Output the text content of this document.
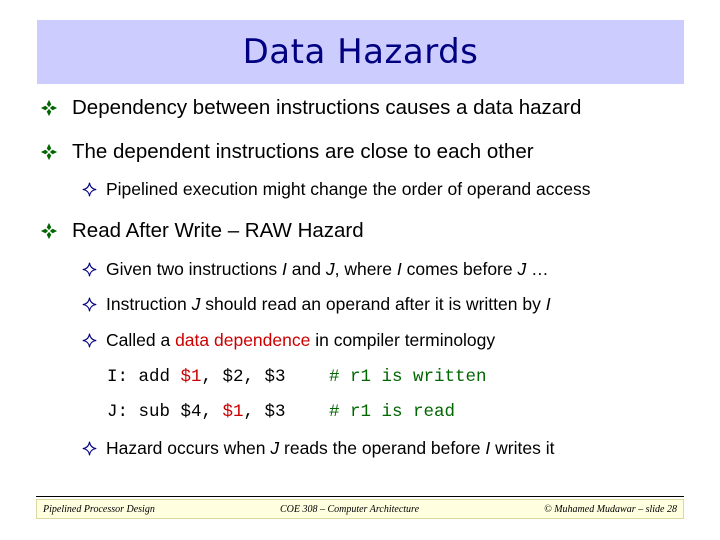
Data Hazards
Dependency between instructions causes a data hazard
The dependent instructions are close to each other
Pipelined execution might change the order of operand access
Read After Write – RAW Hazard
Given two instructions I and J, where I comes before J …
Instruction J should read an operand after it is written by I
Called a data dependence in compiler terminology
I: add $1, $2, $3	# r1 is written
J: sub $4, $1, $3	# r1 is read
Hazard occurs when J reads the operand before I writes it
Pipelined Processor Design	COE 308 – Computer Architecture	© Muhamed Mudawar – slide 28
